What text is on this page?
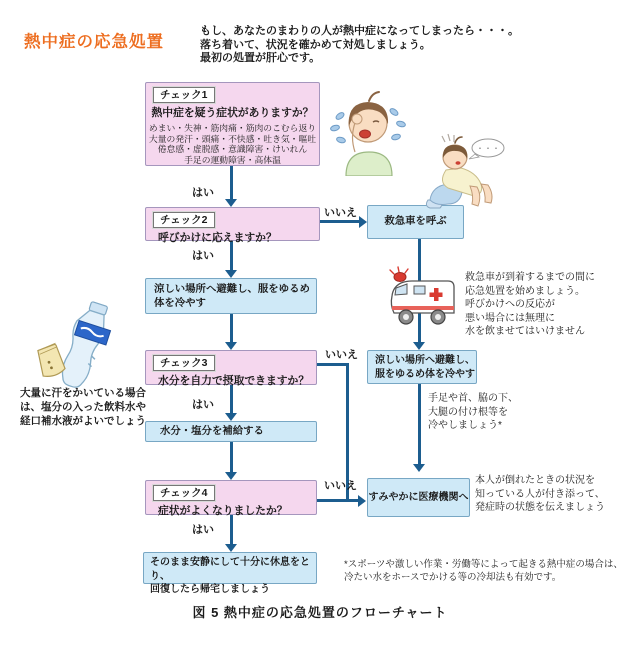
熱中症の応急処置
もし、あなたのまわりの人が熱中症になってしまったら・・・。
落ち着いて、状況を確かめて対処しましょう。
最初の処置が肝心です。
チェック1
熱中症を疑う症状がありますか？
めまい・失神・筋肉痛・筋肉のこむら返り
大量の発汗・頭痛・不快感・吐き気・嘔吐
倦怠感・虚脱感・意識障害・けいれん
手足の運動障害・高体温
はい
チェック2
呼びかけに応えますか？
いいえ
救急車を呼ぶ
はい
涼しい場所へ避難し、服をゆるめ
体を冷やす
救急車が到着するまでの間に
応急処置を始めましょう。
呼びかけへの反応が
悪い場合には無理に
水を飲ませてはいけません
チェック3
水分を自力で摂取できますか？
いいえ
はい
涼しい場所へ避難し、
服をゆるめ体を冷やす
手足や首、脇の下、
大腿の付け根等を
冷やしましょう*
水分・塩分を補給する
大量に汗をかいている場合
は、塩分の入った飲料水や
経口補水液がよいでしょう
チェック4
症状がよくなりましたか？
いいえ
はい
すみやかに医療機関へ
本人が倒れたときの状況を
知っている人が付き添って、
発症時の状態を伝えましょう
そのまま安静にして十分に休息をとり、
回復したら帰宅しましょう
*スポーツや激しい作業・労働等によって起きる熱中症の場合は、
冷たい水をホースでかける等の冷却法も有効です。
図 5 熱中症の応急処置のフローチャート
・・・
